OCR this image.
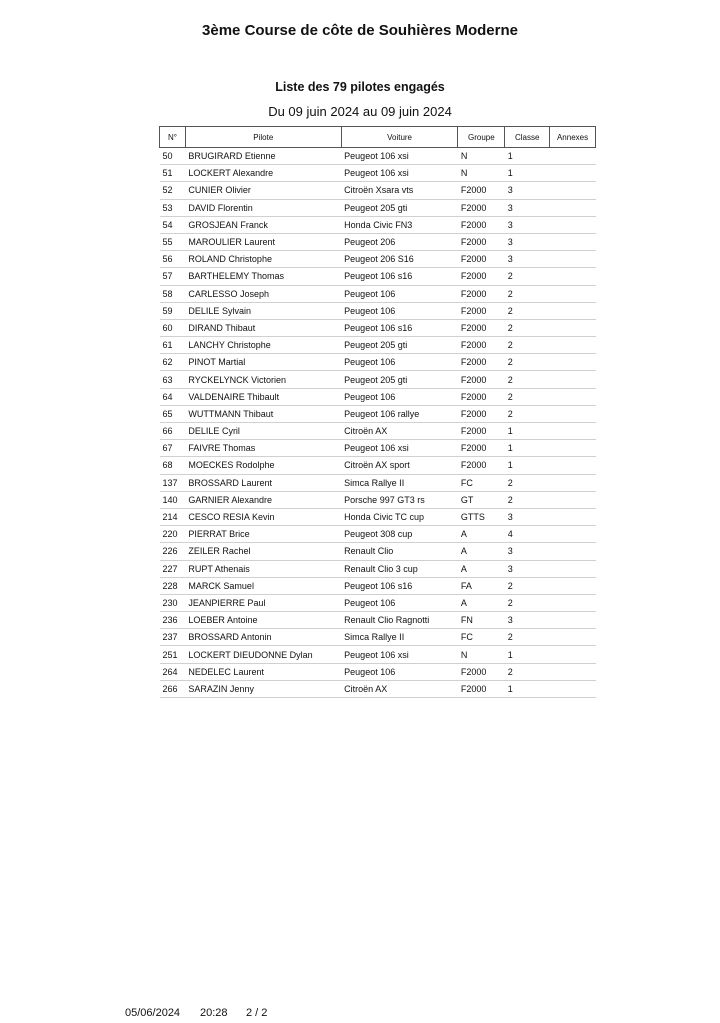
3ème Course de côte de Souhières Moderne
Liste des 79 pilotes engagés
Du 09 juin 2024 au 09 juin 2024
N°	Pilote	Voiture	Groupe	Classe	Annexes
50	BRUGIRARD Etienne	Peugeot 106 xsi	N	1	
51	LOCKERT Alexandre	Peugeot 106 xsi	N	1	
52	CUNIER Olivier	Citroën Xsara vts	F2000	3	
53	DAVID Florentin	Peugeot 205 gti	F2000	3	
54	GROSJEAN Franck	Honda Civic FN3	F2000	3	
55	MAROULIER Laurent	Peugeot 206	F2000	3	
56	ROLAND Christophe	Peugeot 206 S16	F2000	3	
57	BARTHELEMY Thomas	Peugeot 106 s16	F2000	2	
58	CARLESSO Joseph	Peugeot 106	F2000	2	
59	DELILE Sylvain	Peugeot 106	F2000	2	
60	DIRAND Thibaut	Peugeot 106 s16	F2000	2	
61	LANCHY Christophe	Peugeot 205 gti	F2000	2	
62	PINOT Martial	Peugeot 106	F2000	2	
63	RYCKELYNCK Victorien	Peugeot 205 gti	F2000	2	
64	VALDENAIRE Thibault	Peugeot 106	F2000	2	
65	WUTTMANN Thibaut	Peugeot 106 rallye	F2000	2	
66	DELILE Cyril	Citroën AX	F2000	1	
67	FAIVRE Thomas	Peugeot 106 xsi	F2000	1	
68	MOECKES Rodolphe	Citroën AX sport	F2000	1	
137	BROSSARD Laurent	Simca Rallye II	FC	2	
140	GARNIER Alexandre	Porsche 997 GT3 rs	GT	2	
214	CESCO RESIA Kevin	Honda Civic TC cup	GTTS	3	
220	PIERRAT Brice	Peugeot 308 cup	A	4	
226	ZEILER Rachel	Renault Clio	A	3	
227	RUPT Athenais	Renault Clio 3 cup	A	3	
228	MARCK Samuel	Peugeot 106 s16	FA	2	
230	JEANPIERRE Paul	Peugeot 106	A	2	
236	LOEBER Antoine	Renault Clio Ragnotti	FN	3	
237	BROSSARD Antonin	Simca Rallye II	FC	2	
251	LOCKERT DIEUDONNE Dylan	Peugeot 106 xsi	N	1	
264	NEDELEC Laurent	Peugeot 106	F2000	2	
266	SARAZIN Jenny	Citroën AX	F2000	1	
05/06/2024 20:28 2 / 2
